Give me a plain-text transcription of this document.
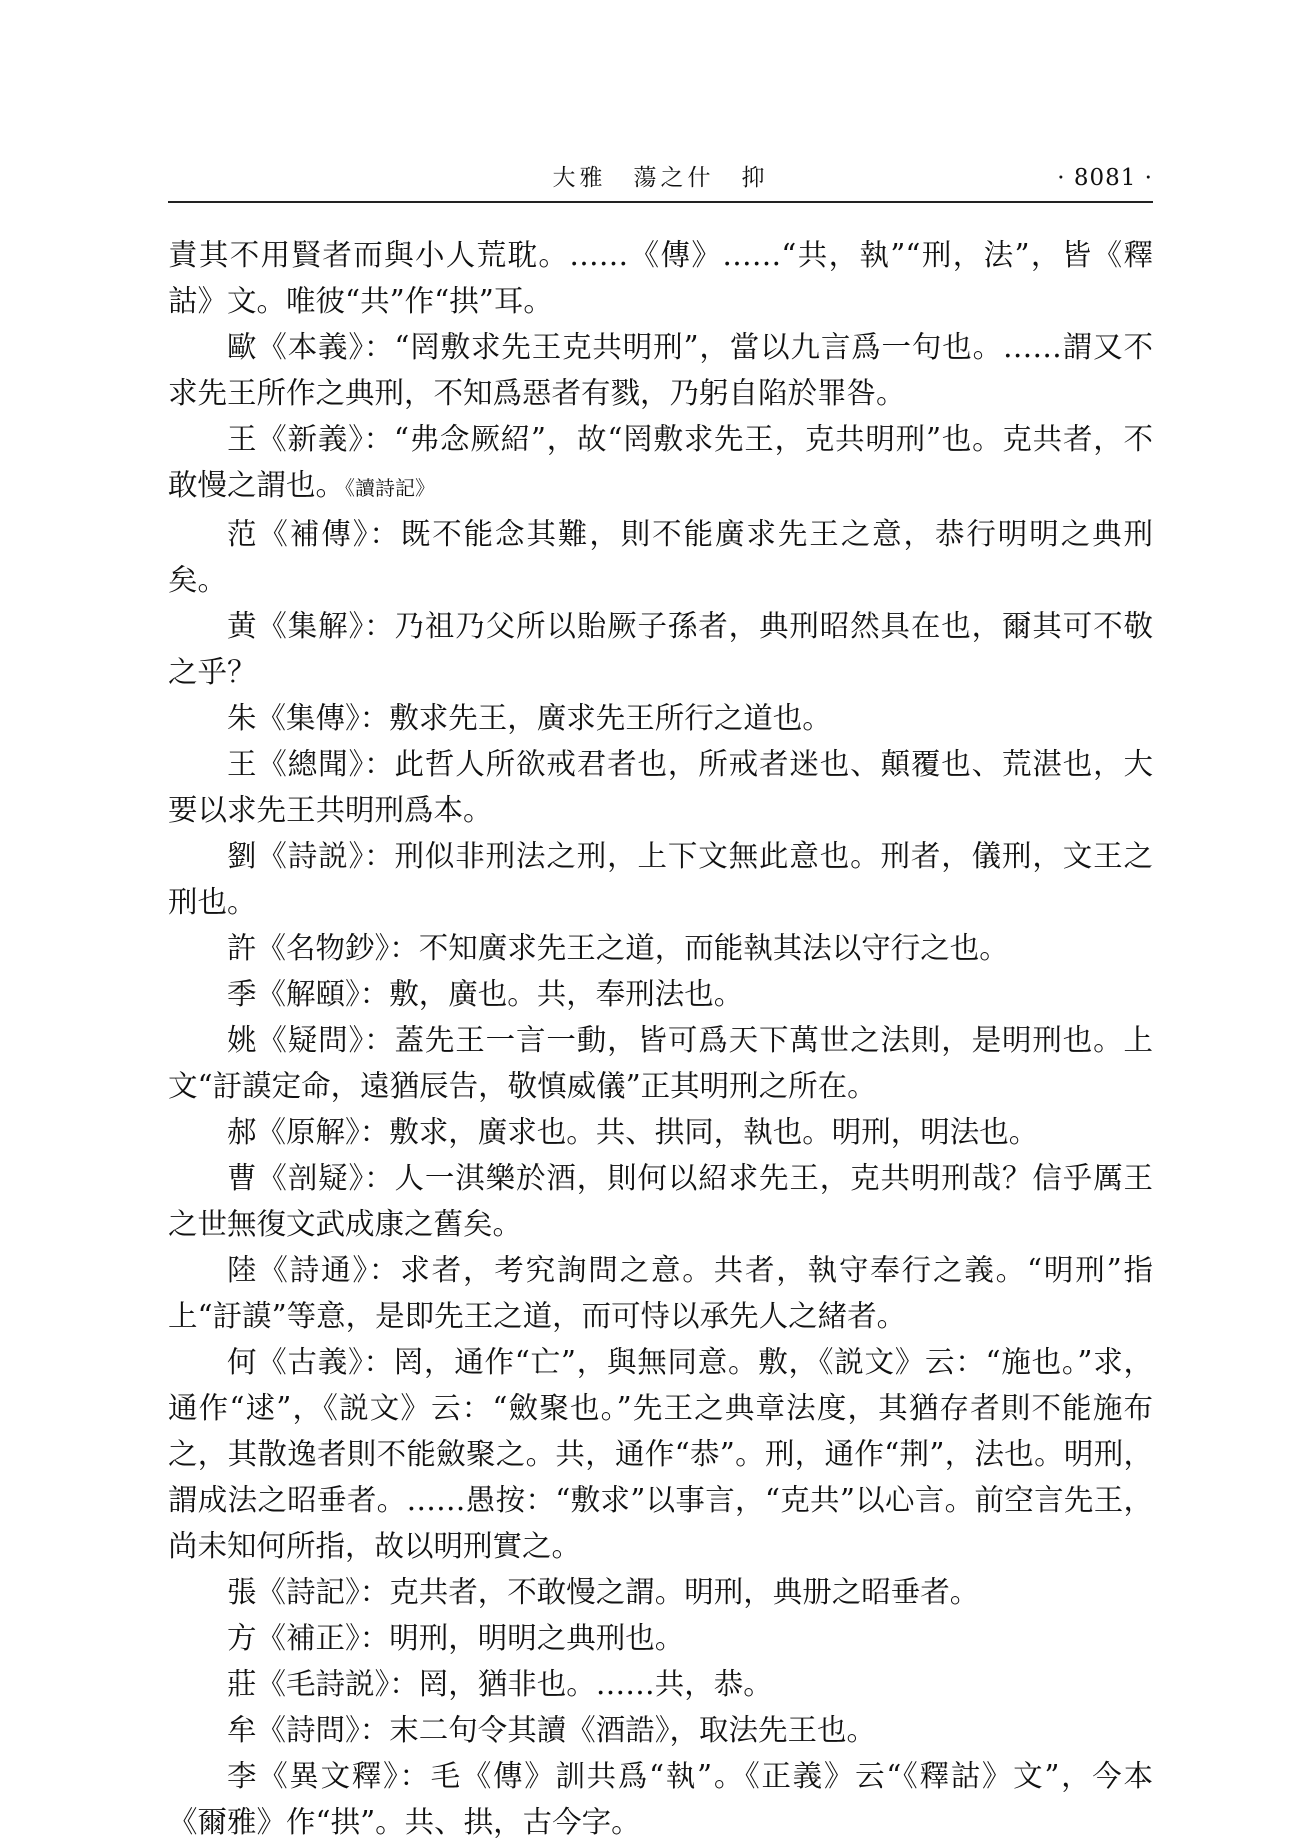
大雅　蕩之什　抑	· 8081 ·

責其不用賢者而與小人荒耽。……《傳》……“共，執”“刑，法”，皆《釋詁》文。唯彼“共”作“拱”耳。

歐《本義》：“罔敷求先王克共明刑”，當以九言爲一句也。……謂又不求先王所作之典刑，不知爲惡者有戮，乃躬自陷於罪咎。

王《新義》：“弗念厥紹”，故“罔敷求先王，克共明刑”也。克共者，不敢慢之謂也。《讀詩記》

范《補傳》：既不能念其難，則不能廣求先王之意，恭行明明之典刑矣。

黄《集解》：乃祖乃父所以貽厥子孫者，典刑昭然具在也，爾其可不敬之乎？

朱《集傳》：敷求先王，廣求先王所行之道也。

王《總聞》：此哲人所欲戒君者也，所戒者迷也、顛覆也、荒湛也，大要以求先王共明刑爲本。

劉《詩説》：刑似非刑法之刑，上下文無此意也。刑者，儀刑，文王之刑也。

許《名物鈔》：不知廣求先王之道，而能執其法以守行之也。

季《解頤》：敷，廣也。共，奉刑法也。

姚《疑問》：蓋先王一言一動，皆可爲天下萬世之法則，是明刑也。上文“訏謨定命，遠猶辰告，敬慎威儀”正其明刑之所在。

郝《原解》：敷求，廣求也。共、拱同，執也。明刑，明法也。

曹《剖疑》：人一淇樂於酒，則何以紹求先王，克共明刑哉？信乎厲王之世無復文武成康之舊矣。

陸《詩通》：求者，考究詢問之意。共者，執守奉行之義。“明刑”指上“訏謨”等意，是即先王之道，而可恃以承先人之緒者。

何《古義》：罔，通作“亡”，與無同意。敷，《説文》云：“施也。”求，通作“逑”，《説文》云：“斂聚也。”先王之典章法度，其猶存者則不能施布之，其散逸者則不能斂聚之。共，通作“恭”。刑，通作“荆”，法也。明刑，謂成法之昭垂者。……愚按：“敷求”以事言，“克共”以心言。前空言先王，尚未知何所指，故以明刑實之。

張《詩記》：克共者，不敢慢之謂。明刑，典册之昭垂者。

方《補正》：明刑，明明之典刑也。

莊《毛詩説》：罔，猶非也。……共，恭。

牟《詩問》：末二句令其讀《酒誥》，取法先王也。

李《異文釋》：毛《傳》訓共爲“執”。《正義》云“《釋詁》文”，今本《爾雅》作“拱”。共、拱，古今字。
